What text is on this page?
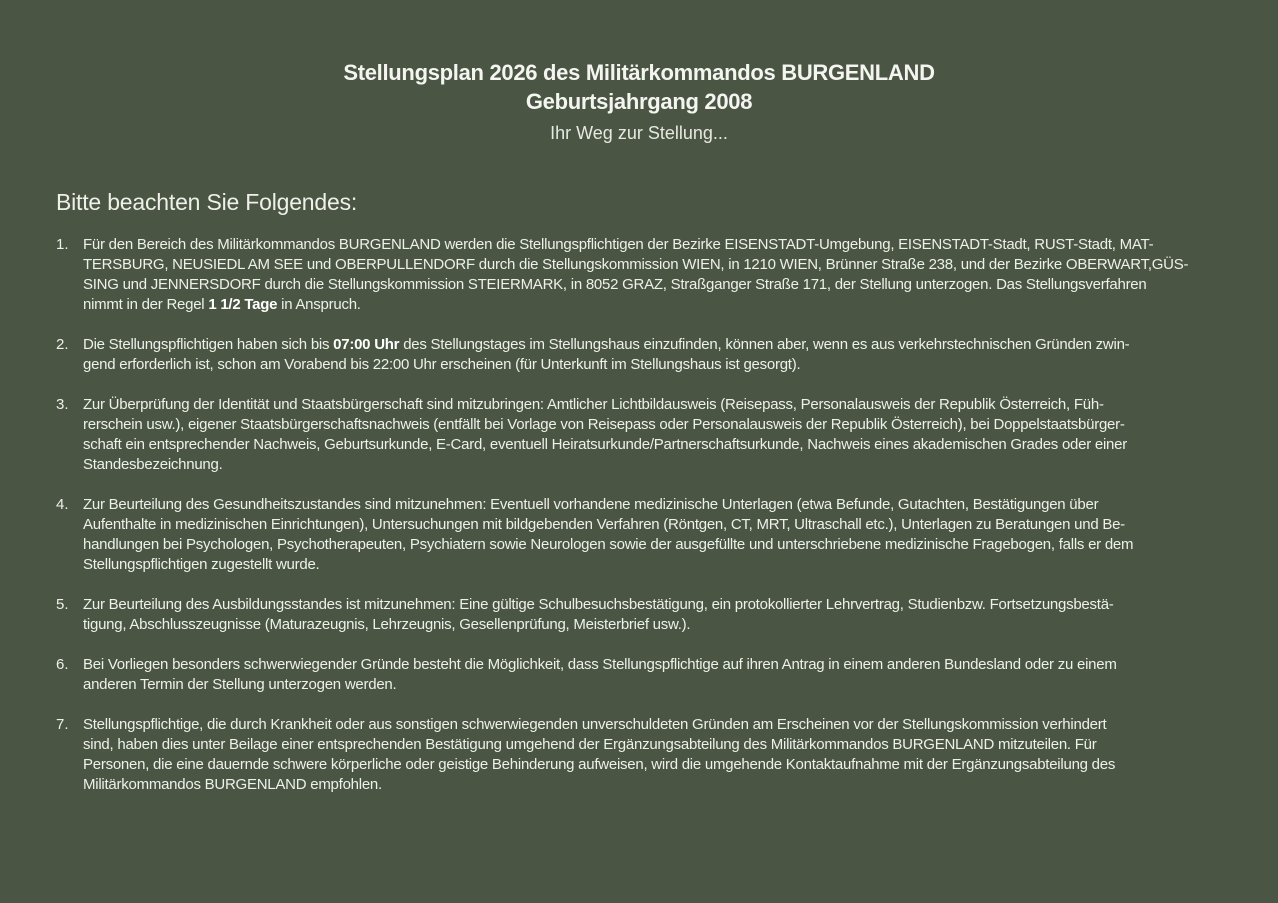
Stellungsplan 2026 des Militärkommandos BURGENLAND
Geburtsjahrgang 2008
Ihr Weg zur Stellung...
Bitte beachten Sie Folgendes:
1. Für den Bereich des Militärkommandos BURGENLAND werden die Stellungspflichtigen der Bezirke EISENSTADT-Umgebung, EISENSTADT-Stadt, RUST-Stadt, MAT-
TERSBURG, NEUSIEDL AM SEE und OBERPULLENDORF durch die Stellungskommission WIEN, in 1210 WIEN, Brünner Straße 238, und der Bezirke OBERWART,GÜS-
SING und JENNERSDORF durch die Stellungskommission STEIERMARK, in 8052 GRAZ, Straßganger Straße 171, der Stellung unterzogen. Das Stellungsverfahren
nimmt in der Regel 1 1/2 Tage in Anspruch.
2. Die Stellungspflichtigen haben sich bis 07:00 Uhr des Stellungstages im Stellungshaus einzufinden, können aber, wenn es aus verkehrstechnischen Gründen zwin-
gend erforderlich ist, schon am Vorabend bis 22:00 Uhr erscheinen (für Unterkunft im Stellungshaus ist gesorgt).
3. Zur Überprüfung der Identität und Staatsbürgerschaft sind mitzubringen: Amtlicher Lichtbildausweis (Reisepass, Personalausweis der Republik Österreich, Füh-
rerschein usw.), eigener Staatsbürgerschaftsnachweis (entfällt bei Vorlage von Reisepass oder Personalausweis der Republik Österreich), bei Doppelstaatsbürger-
schaft ein entsprechender Nachweis, Geburtsurkunde, E-Card, eventuell Heiratsurkunde/Partnerschaftsurkunde, Nachweis eines akademischen Grades oder einer
Standesbezeichnung.
4. Zur Beurteilung des Gesundheitszustandes sind mitzunehmen: Eventuell vorhandene medizinische Unterlagen (etwa Befunde, Gutachten, Bestätigungen über
Aufenthalte in medizinischen Einrichtungen), Untersuchungen mit bildgebenden Verfahren (Röntgen, CT, MRT, Ultraschall etc.), Unterlagen zu Beratungen und Be-
handlungen bei Psychologen, Psychotherapeuten, Psychiatern sowie Neurologen sowie der ausgefüllte und unterschriebene medizinische Fragebogen, falls er dem
Stellungspflichtigen zugestellt wurde.
5. Zur Beurteilung des Ausbildungsstandes ist mitzunehmen: Eine gültige Schulbesuchsbestätigung, ein protokollierter Lehrvertrag, Studienbzw. Fortsetzungsbestä-
tigung, Abschlusszeugnisse (Maturazeugnis, Lehrzeugnis, Gesellenprüfung, Meisterbrief usw.).
6. Bei Vorliegen besonders schwerwiegender Gründe besteht die Möglichkeit, dass Stellungspflichtige auf ihren Antrag in einem anderen Bundesland oder zu einem
anderen Termin der Stellung unterzogen werden.
7. Stellungspflichtige, die durch Krankheit oder aus sonstigen schwerwiegenden unverschuldeten Gründen am Erscheinen vor der Stellungskommission verhindert
sind, haben dies unter Beilage einer entsprechenden Bestätigung umgehend der Ergänzungsabteilung des Militärkommandos BURGENLAND mitzuteilen. Für
Personen, die eine dauernde schwere körperliche oder geistige Behinderung aufweisen, wird die umgehende Kontaktaufnahme mit der Ergänzungsabteilung des
Militärkommandos BURGENLAND empfohlen.
